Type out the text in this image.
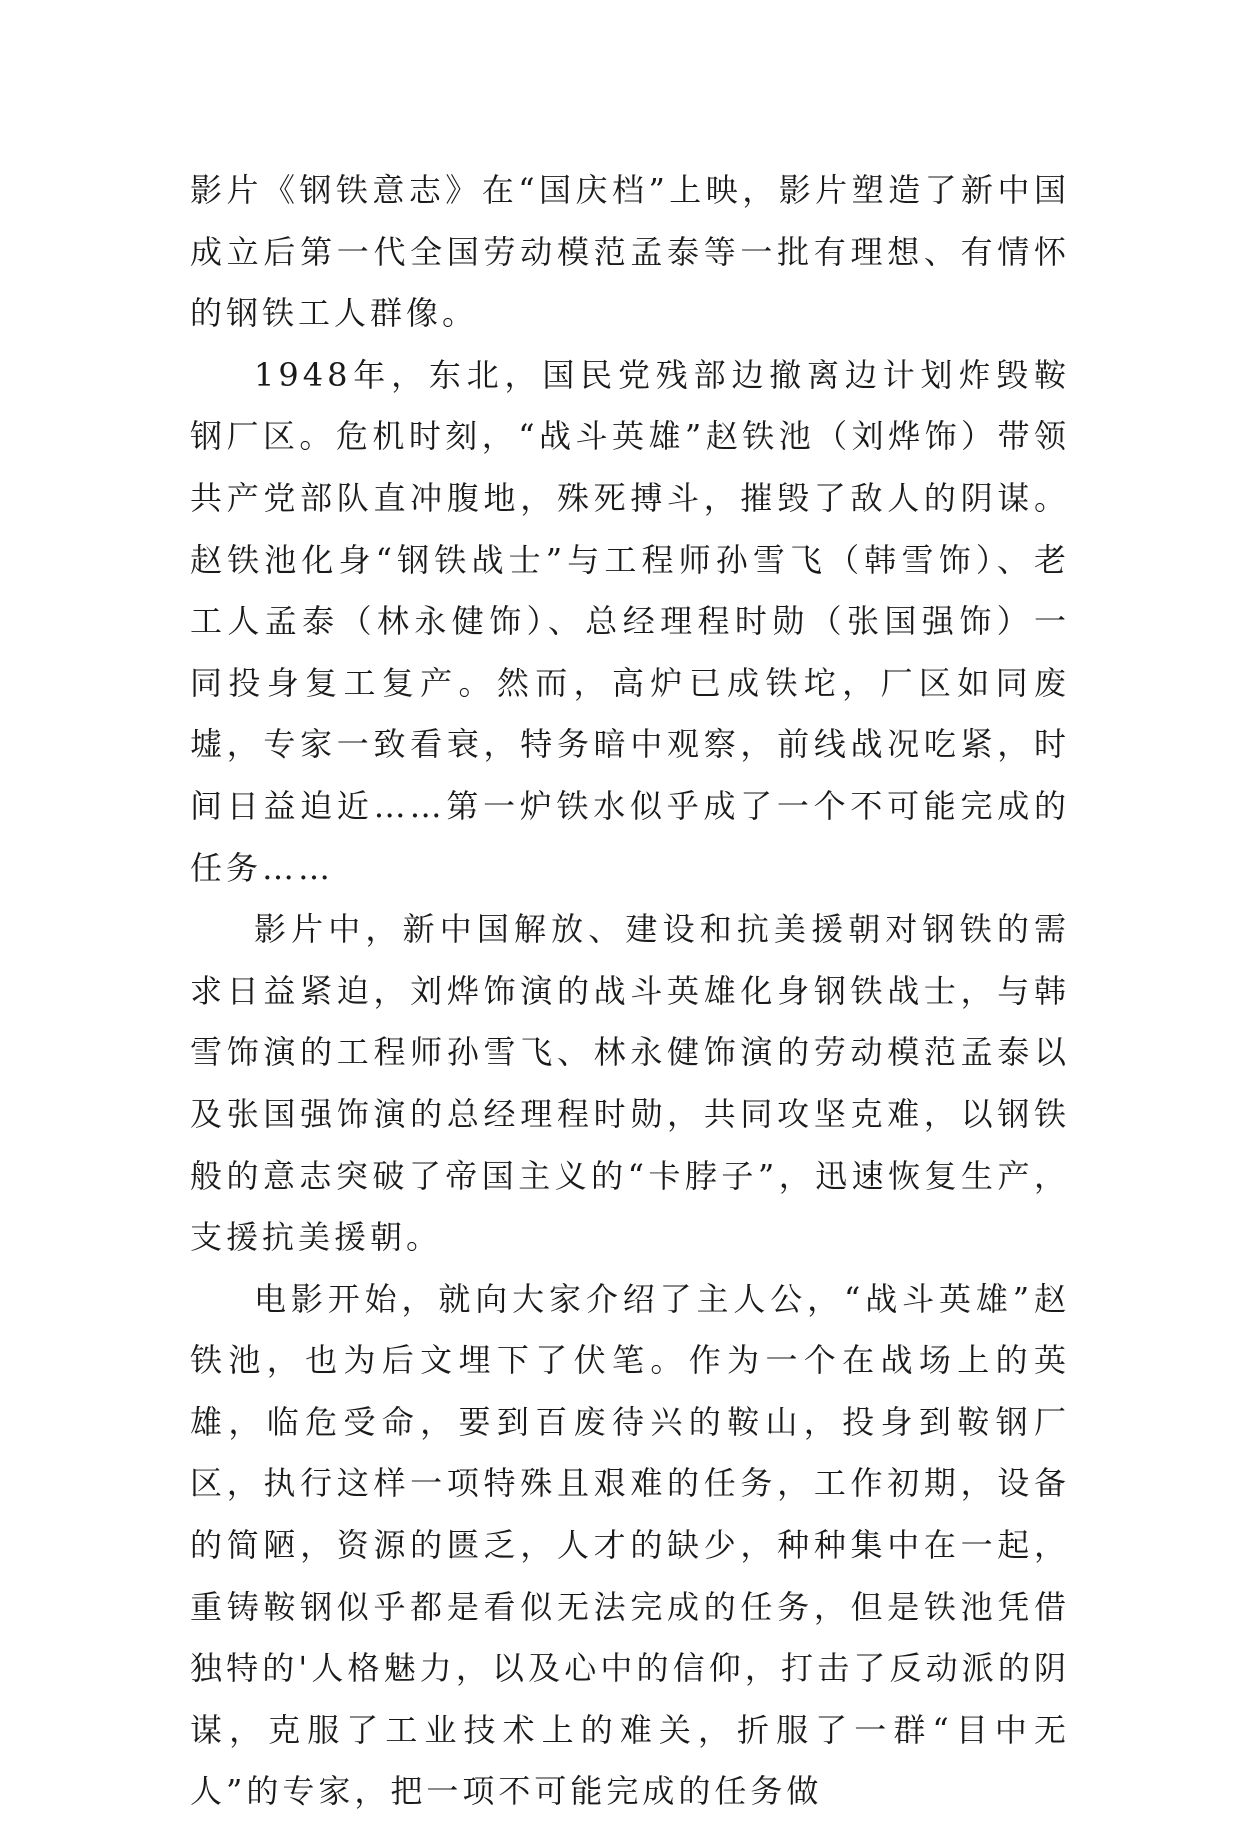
影片《钢铁意志》在“国庆档”上映，影片塑造了新中国成立后第一代全国劳动模范孟泰等一批有理想、有情怀的钢铁工人群像。

1948年，东北，国民党残部边撤离边计划炸毁鞍钢厂区。危机时刻，“战斗英雄”赵铁池（刘烨饰）带领共产党部队直冲腹地，殊死搏斗，摧毁了敌人的阴谋。赵铁池化身“钢铁战士”与工程师孙雪飞（韩雪饰）、老工人孟泰（林永健饰）、总经理程时勋（张国强饰）一同投身复工复产。然而，高炉已成铁坨，厂区如同废墟，专家一致看衰，特务暗中观察，前线战况吃紧，时间日益迫近……第一炉铁水似乎成了一个不可能完成的任务……

影片中，新中国解放、建设和抗美援朝对钢铁的需求日益紧迫，刘烨饰演的战斗英雄化身钢铁战士，与韩雪饰演的工程师孙雪飞、林永健饰演的劳动模范孟泰以及张国强饰演的总经理程时勋，共同攻坚克难，以钢铁般的意志突破了帝国主义的“卡脖子”，迅速恢复生产，支援抗美援朝。

电影开始，就向大家介绍了主人公，“战斗英雄”赵铁池，也为后文埋下了伏笔。作为一个在战场上的英雄，临危受命，要到百废待兴的鞍山，投身到鞍钢厂区，执行这样一项特殊且艰难的任务，工作初期，设备的简陋，资源的匮乏，人才的缺少，种种集中在一起，重铸鞍钢似乎都是看似无法完成的任务，但是铁池凭借独特的'人格魅力，以及心中的信仰，打击了反动派的阴谋，克服了工业技术上的难关，折服了一群“目中无人”的专家，把一项不可能完成的任务做
